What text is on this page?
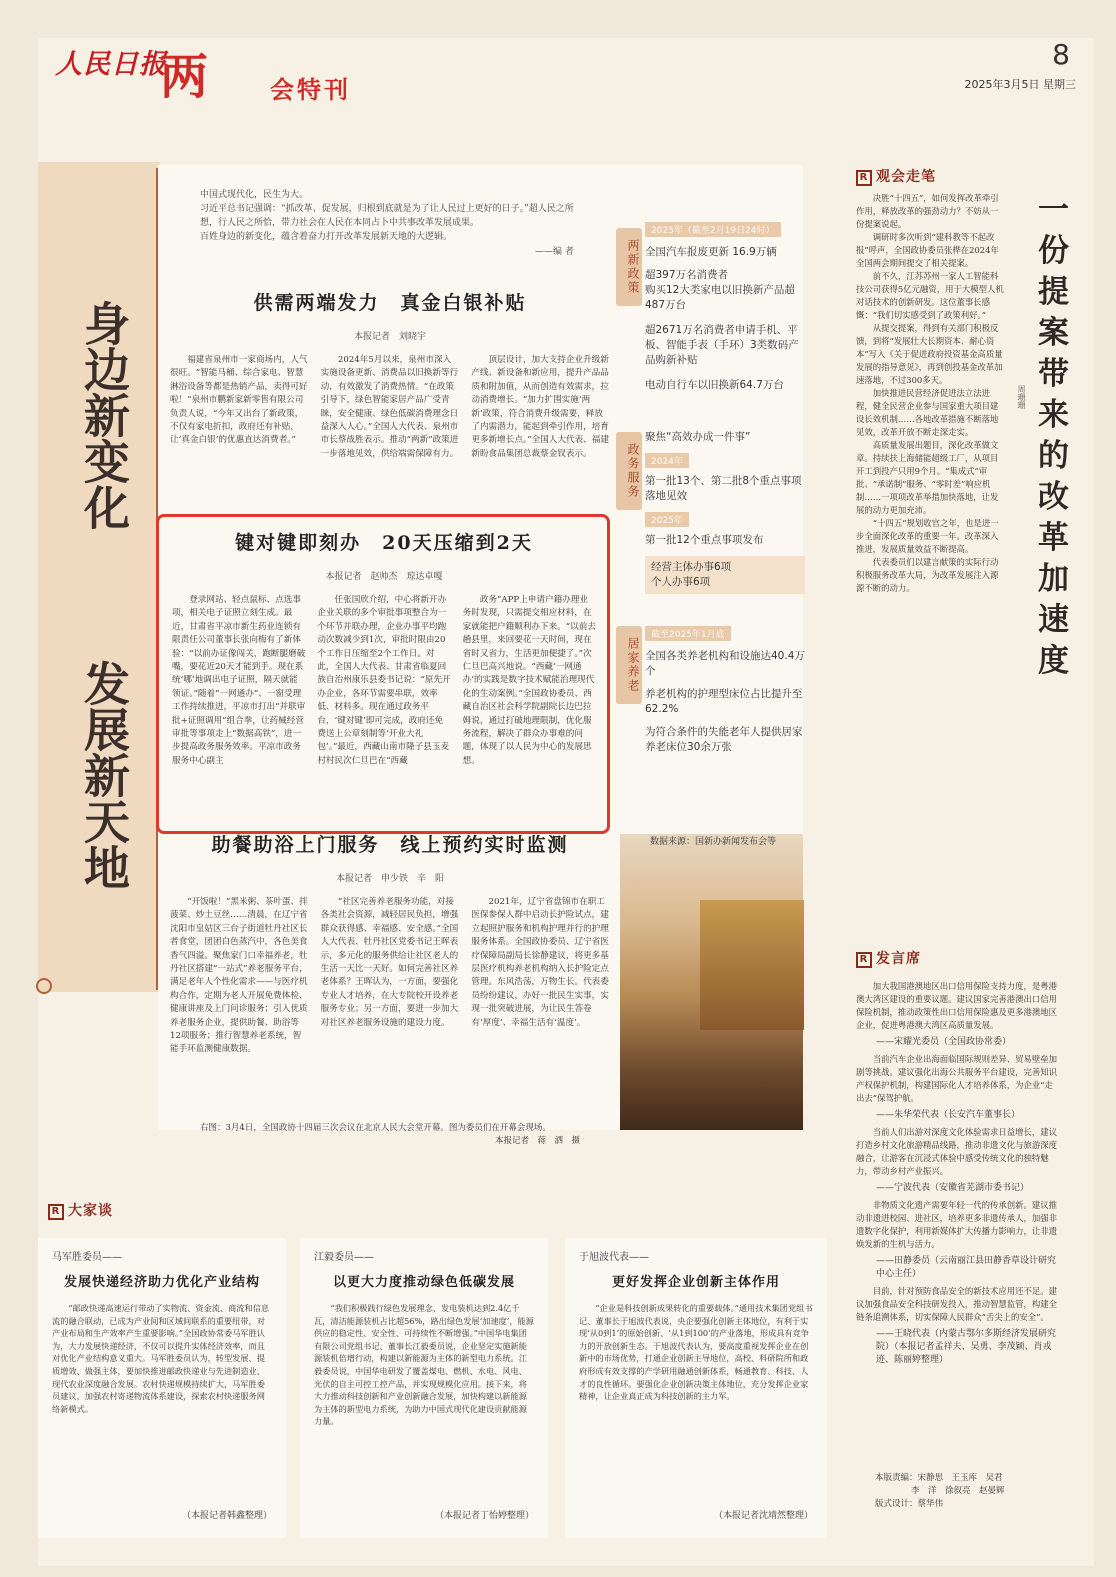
人民日报
两 会特刊
8
2025年3月5日 星期三
身边新变化
发展新天地
中国式现代化，民生为大。
习近平总书记强调：“抓改革、促发展，归根到底就是为了让人民过上更好的日子。”超人民之所想，行人民之所恰，带力社会在人民在本同占卜中共事改革发展成果。
百姓身边的新变化，蕴含着奋力打开改革发展新天地的大逻辑。
——编 者
供需两端发力　真金白银补贴
本报记者　刘晓宇

福建省泉州市一家商场内，人气很旺。“智能马桶、综合家电、智慧淋浴设备等都是热销产品，卖得可好啦！”泉州市鹏新家新零售有限公司负责人说，“今年又出台了新政策，不仅有家电折扣，政府还有补贴，让‘真金白银’的优惠直达消费者。”

2024年5月以来，泉州市深入实施设备更新、消费品以旧换新等行动，有效激发了消费热情。“在政策引导下，绿色智能家居产品广受青睐，安全健康、绿色低碳消费理念日益深入人心。”全国人大代表、泉州市市长蔡战胜表示。推动“两新”政策进一步落地见效，供给端需保障有力。

顶层设计，加大支持企业升级新产线、新设备和新应用，提升产品品质和附加值，从而创造有效需求，拉动消费增长。“加力扩围实施‘两新’政策，符合消费升级需要，释放了内需潜力，能起到牵引作用，培育更多新增长点。”全国人大代表、福建新盼食品集团总裁蔡金钗表示。

两新政策
政务服务
居家养老
2025年（截至2月19日24时）
全国汽车报废更新 16.9万辆
超397万名消费者
购买12大类家电以旧换新产品超487万台
超2671万名消费者申请手机、平板、智能手表（手环）3类数码产品购新补贴
电动自行车以旧换新64.7万台
聚焦“高效办成一件事”
2024年
第一批13个、第二批8个重点事项落地见效
2025年
第一批12个重点事项发布
经营主体办事6项
个人办事6项
截至2025年1月底
全国各类养老机构和设施达40.4万个
养老机构的护理型床位占比提升至62.2%
为符合条件的失能老年人提供居家养老床位30余万张
数据来源：国新办新闻发布会等
键对键即刻办　20天压缩到2天
本报记者　赵帅杰　琼达卓嘎

登录网站、轻点鼠标、点选事项，相关电子证照立刻生成。最近，甘肃省平凉市新生药业连锁有限责任公司董事长张向梅有了新体验：“以前办证像闯关，跑断腿磨破嘴，要花近20天才能到手。现在系统‘哪’地调出电子证照，隔天就能领证。”随着“一网通办”、一窗受理工作持续推进，平凉市打出“并联审批+证照调用”组合拳，让药械经营审批等事项走上“数据高铁”，进一步提高政务服务效率。平凉市政务服务中心副主

任张国欣介绍，中心将新开办企业关联的多个审批事项整合为一个环节并联办理，企业办事平均跑动次数减少到1次，审批时限由20个工作日压缩至2个工作日。对此，全国人大代表、甘肃省临夏回族自治州康乐县委书记说：“原先开办企业，各环节需要串联，效率低、材料多。现在通过政务平台，‘键对键’即可完成，政府还免费送上公章刻制等‘开业大礼包’。”最近，西藏山南市隆子县玉麦村村民次仁旦巴在“西藏

政务”APP上申请户籍办理业务时发现，只需提交相应材料，在家就能把户籍顺利办下来。“以前去趟县里，来回要花一天时间，现在省时又省力，生活更加便捷了。”次仁旦巴高兴地说。“西藏‘一网通办’的实践是数字技术赋能治理现代化的生动案例。”全国政协委员、西藏自治区社会科学院副院长边巴拉姆说，通过打破地理限制，优化服务流程，解决了群众办事难的问题，体现了以人民为中心的发展思想。

助餐助浴上门服务　线上预约实时监测
本报记者　申少铁　辛　阳

“开饭啦！”黑米粥、茶叶蛋、拌菠菜、炒土豆丝……清晨，在辽宁省沈阳市皇姑区三台子街道牡丹社区长者食堂，团团白色蒸汽中，各色美食香气四溢。聚焦家门口幸福养老，牡丹社区搭建“一站式”养老服务平台，满足老年人个性化需求——与医疗机构合作，定期为老人开展免费体检、健康讲座及上门问诊服务；引入优质养老服务企业，提供助餐、助浴等12项服务；推行智慧养老系统，智能手环监测健康数据。

“社区完善养老服务功能，对接各类社会资源，减轻居民负担，增强群众获得感、幸福感、安全感。”全国人大代表、牡丹社区党委书记王晖表示，多元化的服务供给让社区老人的生活一天比一天好。如何完善社区养老体系？王晖认为，一方面，要强化专业人才培养，在大专院校开设养老服务专业；另一方面，要进一步加大对社区养老服务设施的建设力度。

2021年，辽宁省盘锦市在职工医保参保人群中启动长护险试点，建立起照护服务和机构护理并行的护理服务体系。全国政协委员、辽宁省医疗保障局副局长徐静建议，将更多基层医疗机构养老机构纳入长护险定点管理。东风浩荡，万物生长。代表委员纷纷建议，办好一批民生实事，实现一批突破进展，为让民生答卷有‘厚度’、幸福生活有‘温度’。

右图：3月4日，全国政协十四届三次会议在北京人民大会堂开幕。图为委员们在开幕会现场。
本报记者　蒋　洒　摄
R 观会走笔
一份提案带来的改革加速度
周珊珊

决胜“十四五”，如何发挥改革牵引作用，释放改革的强劲动力？不妨从一份提案说起。

调研时多次听到“建科教等不起改报”呼声，全国政协委员张桦在2024年全国两会期间提交了相关提案。

前不久，江苏苏州一家人工智能科技公司获得5亿元融资，用于大模型人机对话技术的创新研发。这位董事长感慨：“我们切实感受到了政策利好。”

从提交提案，得到有关部门积极反馈，到将“发展壮大长期资本、耐心资本”写入《关于促进政府投资基金高质量发展的指导意见》，再到创投基金改革加速落地，不过300多天。

加快推进民营经济促进法立法进程，健全民营企业参与国家重大项目建设长效机制……各地改革措施不断落地见效，改革开放不断走深走实。

高质量发展出题目，深化改革做文章。持续扶上海储能超级工厂，从项目开工到投产只用9个月。“集成式”审批、“承诺制”服务、“零时差”响应机制……一项项改革举措加快落地，让发展的动力更加充沛。

“十四五”规划收官之年，也是进一步全面深化改革的重要一年。改革深入推进，发展质量效益不断提高。

代表委员们以建言献策的实际行动积极服务改革大局，为改革发展注入源源不断的动力。

R 发言席

加大我国港澳地区出口信用保险支持力度，是粤港澳大湾区建设的重要议题。建议国家完善港澳出口信用保险机制，推动政策性出口信用保险惠及更多港澳地区企业，促进粤港澳大湾区高质量发展。

——宋耀光委员（全国政协常委）

当前汽车企业出海面临国际规则差异、贸易壁垒加剧等挑战。建议强化出海公共服务平台建设，完善知识产权保护机制，构建国际化人才培养体系，为企业“走出去”保驾护航。

——朱华荣代表（长安汽车董事长）

当前人们出游对深度文化体验需求日益增长，建议打造乡村文化旅游精品线路，推动非遗文化与旅游深度融合，让游客在沉浸式体验中感受传统文化的独特魅力，带动乡村产业振兴。

——宁波代表（安徽省芜湖市委书记）

非物质文化遗产需要年轻一代的传承创新。建议推动非遗进校园、进社区，培养更多非遗传承人，加强非遗数字化保护，利用新媒体扩大传播力影响力，让非遗焕发新的生机与活力。

——田静委员（云南丽江县田静香草设计研究中心主任）

目前，针对预防食品安全的新技术应用还不足。建议加强食品安全科技研发投入，推动智慧监管，构建全链条追溯体系，切实保障人民群众“舌尖上的安全”。

——王晓代表（内蒙古鄂尔多斯经济发展研究院）（本报记者孟祥夫、吴勇、李茂颖、肖戎迹、陈丽婷整理）
R 大家谈
马军胜委员——
发展快递经济助力优化产业结构

“邮政快递高速运行带动了实物流、资金流、商流和信息流的融合联动，已成为产业间和区域间联系的重要纽带，对产业布局和生产效率产生重要影响。”全国政协常委马军胜认为，大力发展快递经济，不仅可以提升实体经济效率，而且对优化产业结构意义重大。马军胜委员认为，转型发展、提质增效、做强主体，要加快推进邮政快递业与先进制造业、现代农业深度融合发展。农村快递规模持续扩大，马军胜委员建议，加强农村寄递物流体系建设，探索农村快递服务网络新模式。

（本报记者韩鑫整理）
江毅委员——
以更大力度推动绿色低碳发展

“我们积极践行绿色发展理念，发电装机达到2.4亿千瓦，清洁能源装机占比超56%，路出绿色发展‘加速度’，能源供应的稳定性、安全性、可持续性不断增强。”中国华电集团有限公司党组书记、董事长江毅委员说，企业坚定实施新能源装机倍增行动，构建以新能源为主体的新型电力系统。江毅委员说，中国华电研发了覆盖煤电、燃机、水电、风电、光伏的自主可控工控产品，并实现规模化应用。接下来，将大力推动科技创新和产业创新融合发展，加快构建以新能源为主体的新型电力系统，为助力中国式现代化建设贡献能源力量。

（本报记者丁怡婷整理）
于旭波代表——
更好发挥企业创新主体作用

“企业是科技创新成果转化的重要载体。”通用技术集团党组书记、董事长于旭波代表说，央企要强化创新主体地位，有利于实现‘从0到1’的原始创新、‘从1到100’的产业落地，形成具有竞争力的开放创新生态。于旭波代表认为，要高度重视发挥企业在创新中的市场优势，打通企业创新主导地位，高校、科研院所和政府形成有效支撑的产学研用融通创新体系，畅通教育、科技、人才的良性循环。要强化企业创新决策主体地位，充分发挥企业家精神，让企业真正成为科技创新的主力军。

（本报记者沈靖然整理）
本版责编：宋静思　王玉库　吴君
李　洋　徐叙亮　赵晏辉
版式设计：蔡华伟
